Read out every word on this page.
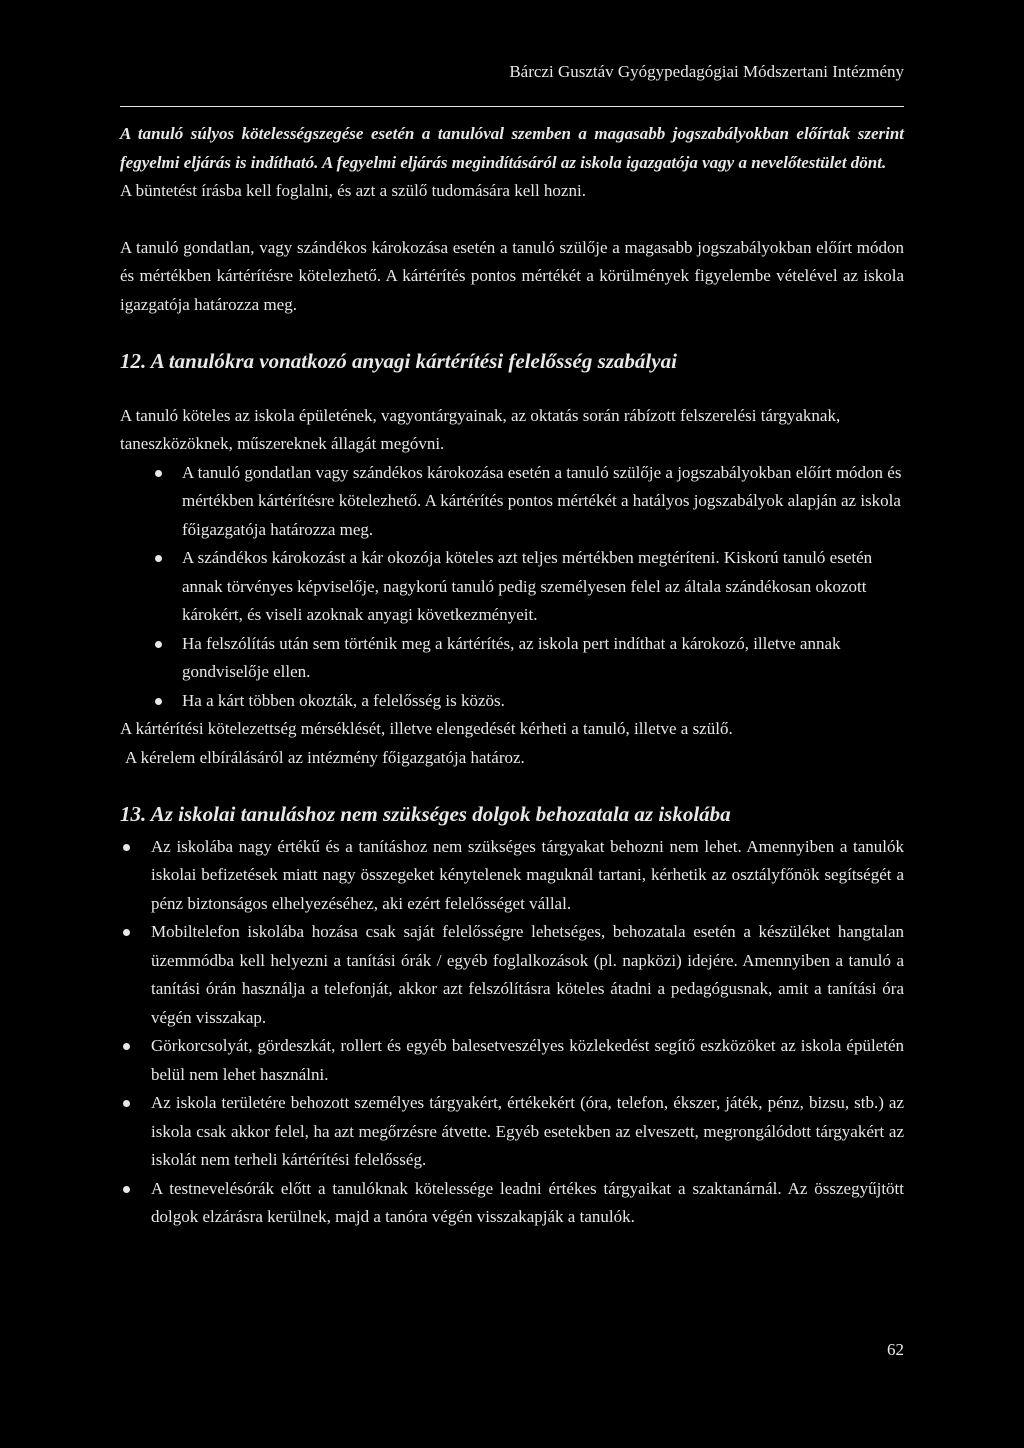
Bárczi Gusztáv Gyógypedagógiai Módszertani Intézmény

A tanuló súlyos kötelességszegése esetén a tanulóval szemben a magasabb jogszabályokban előírtak szerint fegyelmi eljárás is indítható. A fegyelmi eljárás megindításáról az iskola igazgatója vagy a nevelőtestület dönt.

A büntetést írásba kell foglalni, és azt a szülő tudomására kell hozni.

A tanuló gondatlan, vagy szándékos károkozása esetén a tanuló szülője a magasabb jogszabályokban előírt módon és mértékben kártérítésre kötelezhető. A kártérítés pontos mértékét a körülmények figyelembe vételével az iskola igazgatója határozza meg.

12. A tanulókra vonatkozó anyagi kártérítési felelősség szabályai

A tanuló köteles az iskola épületének, vagyontárgyainak, az oktatás során rábízott felszerelési tárgyaknak, taneszközöknek, műszereknek állagát megóvni.

A tanuló gondatlan vagy szándékos károkozása esetén a tanuló szülője a jogszabályokban előírt módon és mértékben kártérítésre kötelezhető. A kártérítés pontos mértékét a hatályos jogszabályok alapján az iskola főigazgatója határozza meg.
A szándékos károkozást a kár okozója köteles azt teljes mértékben megtéríteni. Kiskorú tanuló esetén annak törvényes képviselője, nagykorú tanuló pedig személyesen felel az általa szándékosan okozott károkért, és viseli azoknak anyagi következményeit.
Ha felszólítás után sem történik meg a kártérítés, az iskola pert indíthat a károkozó, illetve annak gondviselője ellen.
Ha a kárt többen okozták, a felelősség is közös.

A kártérítési kötelezettség mérséklését, illetve elengedését kérheti a tanuló, illetve a szülő.

A kérelem elbírálásáról az intézmény főigazgatója határoz.

13. Az iskolai tanuláshoz nem szükséges dolgok behozatala az iskolába
Az iskolába nagy értékű és a tanításhoz nem szükséges tárgyakat behozni nem lehet. Amennyiben a tanulók iskolai befizetések miatt nagy összegeket kénytelenek maguknál tartani, kérhetik az osztályfőnök segítségét a pénz biztonságos elhelyezéséhez, aki ezért felelősséget vállal.
Mobiltelefon iskolába hozása csak saját felelősségre lehetséges, behozatala esetén a készüléket hangtalan üzemmódba kell helyezni a tanítási órák / egyéb foglalkozások (pl. napközi) idejére. Amennyiben a tanuló a tanítási órán használja a telefonját, akkor azt felszólításra köteles átadni a pedagógusnak, amit a tanítási óra végén visszakap.
Görkorcsolyát, gördeszkát, rollert és egyéb balesetveszélyes közlekedést segítő eszközöket az iskola épületén belül nem lehet használni.
Az iskola területére behozott személyes tárgyakért, értékekért (óra, telefon, ékszer, játék, pénz, bizsu, stb.) az iskola csak akkor felel, ha azt megőrzésre átvette. Egyéb esetekben az elveszett, megrongálódott tárgyakért az iskolát nem terheli kártérítési felelősség.
A testnevelésórák előtt a tanulóknak kötelessége leadni értékes tárgyaikat a szaktanárnál. Az összegyűjtött dolgok elzárásra kerülnek, majd a tanóra végén visszakapják a tanulók.
62
